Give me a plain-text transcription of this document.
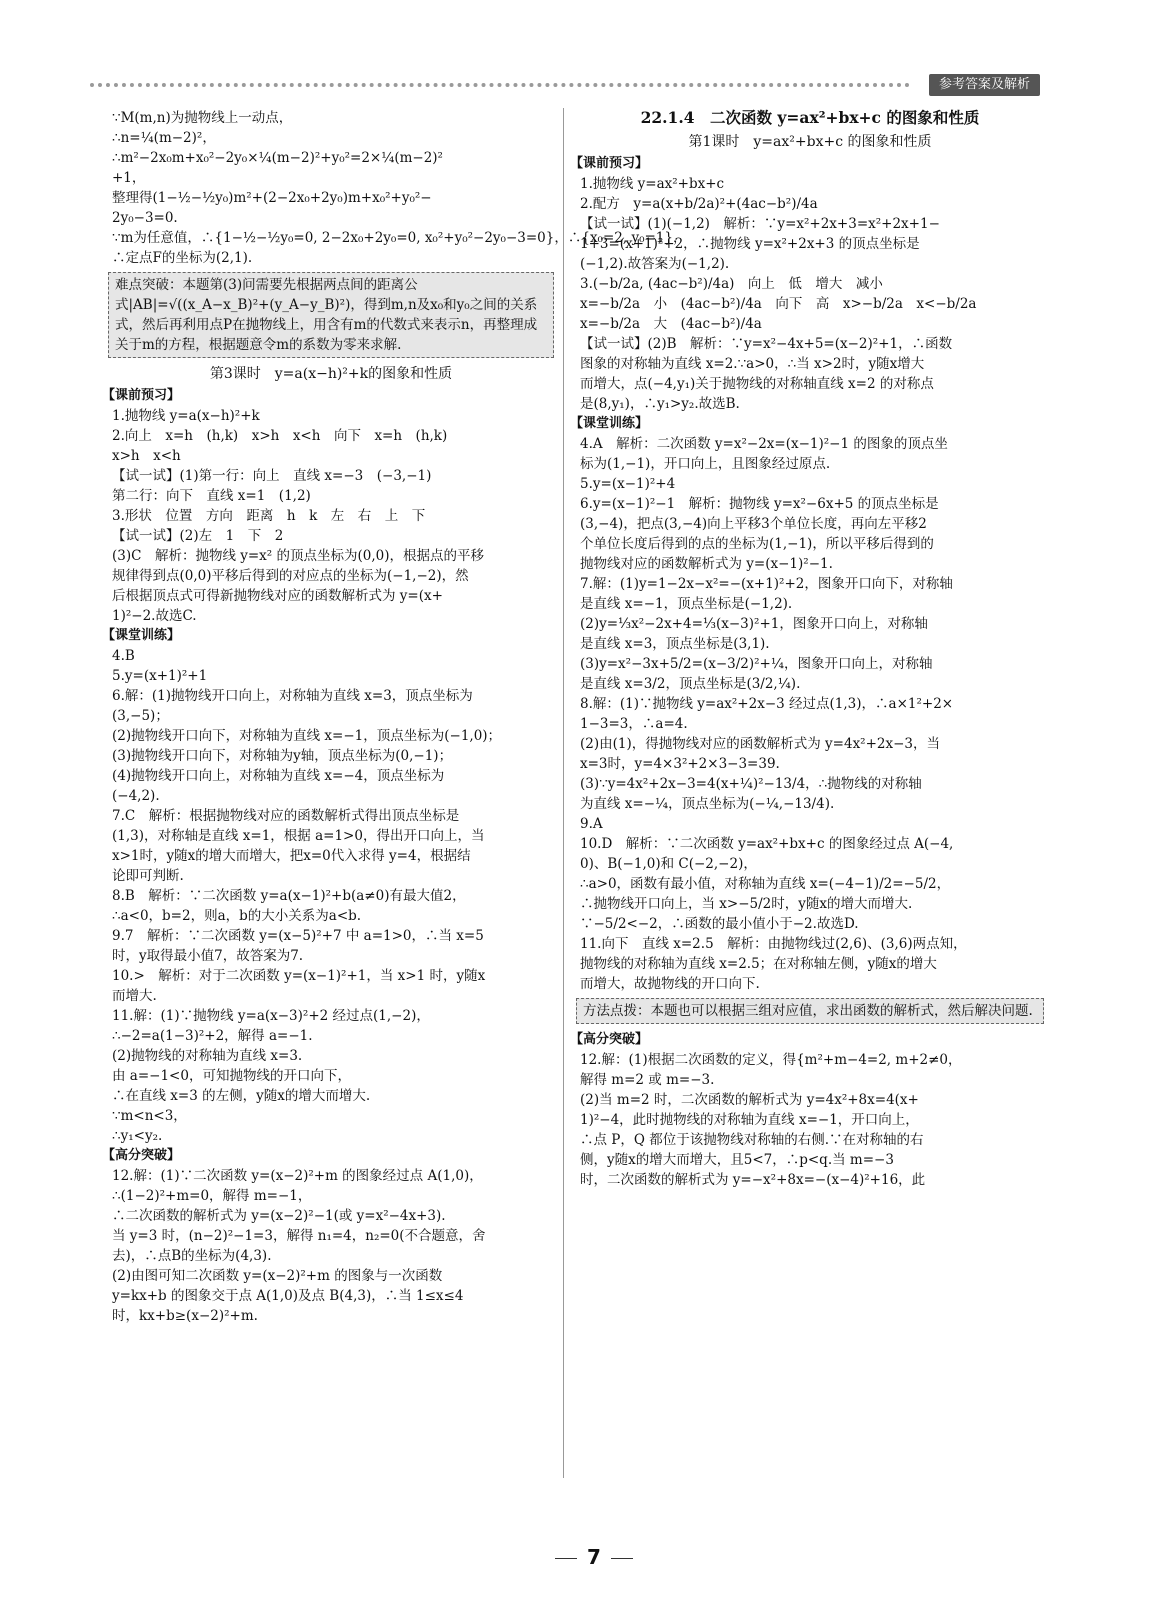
参考答案及解析
∵M(m,n)为抛物线上一动点，
∴n=¼(m−2)²，
∴m²−2x₀m+x₀²−2y₀×¼(m−2)²+y₀²=2×¼(m−2)²
+1，
整理得(1−½−½y₀)m²+(2−2x₀+2y₀)m+x₀²+y₀²−
2y₀−3=0.
∵m为任意值，∴{1−½−½y₀=0, 2−2x₀+2y₀=0, x₀²+y₀²−2y₀−3=0}，∴{x₀=2, y₀=1}，
∴定点F的坐标为(2,1).
难点突破：本题第(3)问需要先根据两点间的距离公式|AB|=√((x_A−x_B)²+(y_A−y_B)²)，得到m,n及x₀和y₀之间的关系式，然后再利用点P在抛物线上，用含有m的代数式来表示n，再整理成关于m的方程，根据题意令m的系数为零来求解.
第3课时　y=a(x−h)²+k的图象和性质
【课前预习】
1.抛物线 y=a(x−h)²+k
2.向上　x=h　(h,k)　x>h　x<h　向下　x=h　(h,k)
x>h　x<h
【试一试】(1)第一行：向上　直线 x=−3　(−3,−1)
第二行：向下　直线 x=1　(1,2)
3.形状　位置　方向　距离　h　k　左　右　上　下
【试一试】(2)左　1　下　2
(3)C　解析：抛物线 y=x² 的顶点坐标为(0,0)，根据点的平移
规律得到点(0,0)平移后得到的对应点的坐标为(−1,−2)，然
后根据顶点式可得新抛物线对应的函数解析式为 y=(x+
1)²−2.故选C.
【课堂训练】
4.B
5.y=(x+1)²+1
6.解：(1)抛物线开口向上，对称轴为直线 x=3，顶点坐标为
(3,−5)；
(2)抛物线开口向下，对称轴为直线 x=−1，顶点坐标为(−1,0)；
(3)抛物线开口向下，对称轴为y轴，顶点坐标为(0,−1)；
(4)抛物线开口向上，对称轴为直线 x=−4，顶点坐标为
(−4,2).
7.C　解析：根据抛物线对应的函数解析式得出顶点坐标是
(1,3)，对称轴是直线 x=1，根据 a=1>0，得出开口向上，当
x>1时，y随x的增大而增大，把x=0代入求得 y=4，根据结
论即可判断.
8.B　解析：∵二次函数 y=a(x−1)²+b(a≠0)有最大值2，
∴a<0，b=2，则a，b的大小关系为a<b.
9.7　解析：∵二次函数 y=(x−5)²+7 中 a=1>0，∴当 x=5
时，y取得最小值7，故答案为7.
10.>　解析：对于二次函数 y=(x−1)²+1，当 x>1 时，y随x
而增大.
11.解：(1)∵抛物线 y=a(x−3)²+2 经过点(1,−2)，
∴−2=a(1−3)²+2，解得 a=−1.
(2)抛物线的对称轴为直线 x=3.
由 a=−1<0，可知抛物线的开口向下，
∴在直线 x=3 的左侧，y随x的增大而增大.
∵m<n<3，
∴y₁<y₂.
【高分突破】
12.解：(1)∵二次函数 y=(x−2)²+m 的图象经过点 A(1,0)，
∴(1−2)²+m=0，解得 m=−1，
∴二次函数的解析式为 y=(x−2)²−1(或 y=x²−4x+3).
当 y=3 时，(n−2)²−1=3，解得 n₁=4，n₂=0(不合题意，舍
去)，∴点B的坐标为(4,3).
(2)由图可知二次函数 y=(x−2)²+m 的图象与一次函数
y=kx+b 的图象交于点 A(1,0)及点 B(4,3)，∴当 1≤x≤4
时，kx+b≥(x−2)²+m.
22.1.4　二次函数 y=ax²+bx+c 的图象和性质
第1课时　y=ax²+bx+c 的图象和性质
【课前预习】
1.抛物线 y=ax²+bx+c
2.配方　y=a(x+b/2a)²+(4ac−b²)/4a
【试一试】(1)(−1,2)　解析：∵y=x²+2x+3=x²+2x+1−
1+3=(x+1)²+2，∴抛物线 y=x²+2x+3 的顶点坐标是
(−1,2).故答案为(−1,2).
3.(−b/2a, (4ac−b²)/4a)　向上　低　增大　减小
x=−b/2a　小　(4ac−b²)/4a　向下　高　x>−b/2a　x<−b/2a
x=−b/2a　大　(4ac−b²)/4a
【试一试】(2)B　解析：∵y=x²−4x+5=(x−2)²+1，∴函数
图象的对称轴为直线 x=2.∵a>0，∴当 x>2时，y随x增大
而增大，点(−4,y₁)关于抛物线的对称轴直线 x=2 的对称点
是(8,y₁)，∴y₁>y₂.故选B.
【课堂训练】
4.A　解析：二次函数 y=x²−2x=(x−1)²−1 的图象的顶点坐
标为(1,−1)，开口向上，且图象经过原点.
5.y=(x−1)²+4
6.y=(x−1)²−1　解析：抛物线 y=x²−6x+5 的顶点坐标是
(3,−4)，把点(3,−4)向上平移3个单位长度，再向左平移2
个单位长度后得到的点的坐标为(1,−1)，所以平移后得到的
抛物线对应的函数解析式为 y=(x−1)²−1.
7.解：(1)y=1−2x−x²=−(x+1)²+2，图象开口向下，对称轴
是直线 x=−1，顶点坐标是(−1,2).
(2)y=⅓x²−2x+4=⅓(x−3)²+1，图象开口向上，对称轴
是直线 x=3，顶点坐标是(3,1).
(3)y=x²−3x+5/2=(x−3/2)²+¼，图象开口向上，对称轴
是直线 x=3/2，顶点坐标是(3/2,¼).
8.解：(1)∵抛物线 y=ax²+2x−3 经过点(1,3)，∴a×1²+2×
1−3=3，∴a=4.
(2)由(1)，得抛物线对应的函数解析式为 y=4x²+2x−3，当
x=3时，y=4×3²+2×3−3=39.
(3)∵y=4x²+2x−3=4(x+¼)²−13/4，∴抛物线的对称轴
为直线 x=−¼，顶点坐标为(−¼,−13/4).
9.A
10.D　解析：∵二次函数 y=ax²+bx+c 的图象经过点 A(−4,
0)、B(−1,0)和 C(−2,−2)，
∴a>0，函数有最小值，对称轴为直线 x=(−4−1)/2=−5/2，
∴抛物线开口向上，当 x>−5/2时，y随x的增大而增大.
∵−5/2<−2，∴函数的最小值小于−2.故选D.
11.向下　直线 x=2.5　解析：由抛物线过(2,6)、(3,6)两点知，
抛物线的对称轴为直线 x=2.5；在对称轴左侧，y随x的增大
而增大，故抛物线的开口向下.
方法点拨：本题也可以根据三组对应值，求出函数的解析式，然后解决问题.
【高分突破】
12.解：(1)根据二次函数的定义，得{m²+m−4=2, m+2≠0，
解得 m=2 或 m=−3.
(2)当 m=2 时，二次函数的解析式为 y=4x²+8x=4(x+
1)²−4，此时抛物线的对称轴为直线 x=−1，开口向上，
∴点 P，Q 都位于该抛物线对称轴的右侧.∵在对称轴的右
侧，y随x的增大而增大，且5<7，∴p<q.当 m=−3
时，二次函数的解析式为 y=−x²+8x=−(x−4)²+16，此
7
